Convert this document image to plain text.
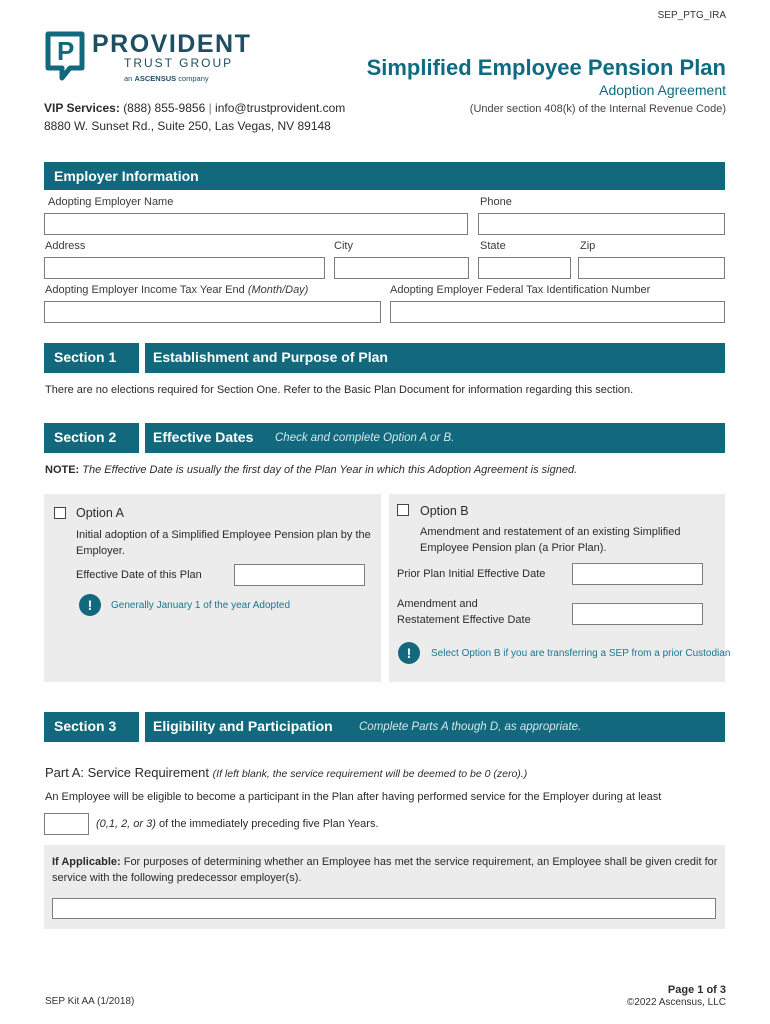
SEP_PTG_IRA
P PROVIDENT
TRUST GROUP
an ASCENSUS company	Simplified Employee Pension Plan
Adoption Agreement
(Under section 408(k) of the Internal Revenue Code)
VIP Services: (888) 855-9856 | info@trustprovident.com
8880 W. Sunset Rd., Suite 250, Las Vegas, NV 89148
Employer Information
Adopting Employer Name	Phone
Address	City	State	Zip
Adopting Employer Income Tax Year End (Month/Day)	Adopting Employer Federal Tax Identification Number
Section 1	Establishment and Purpose of Plan
There are no elections required for Section One. Refer to the Basic Plan Document for information regarding this section.
Section 2	Effective Dates Check and complete Option A or B.
NOTE: The Effective Date is usually the first day of the Plan Year in which this Adoption Agreement is signed.
Option A
Initial adoption of a Simplified Employee Pension plan by the Employer.
Effective Date of this Plan
!	Generally January 1 of the year Adopted
Option B
Amendment and restatement of an existing Simplified Employee Pension plan (a Prior Plan).
Prior Plan Initial Effective Date
Amendment and
Restatement Effective Date
!	Select Option B if you are transferring a SEP from a prior Custodian
Section 3	Eligibility and Participation Complete Parts A though D, as appropriate.
Part A: Service Requirement (If left blank, the service requirement will be deemed to be 0 (zero).)
An Employee will be eligible to become a participant in the Plan after having performed service for the Employer during at least
(0,1, 2, or 3) of the immediately preceding five Plan Years.
If Applicable: For purposes of determining whether an Employee has met the service requirement, an Employee shall be given credit for
service with the following predecessor employer(s).
SEP Kit AA (1/2018)
Page 1 of 3
©2022 Ascensus, LLC
